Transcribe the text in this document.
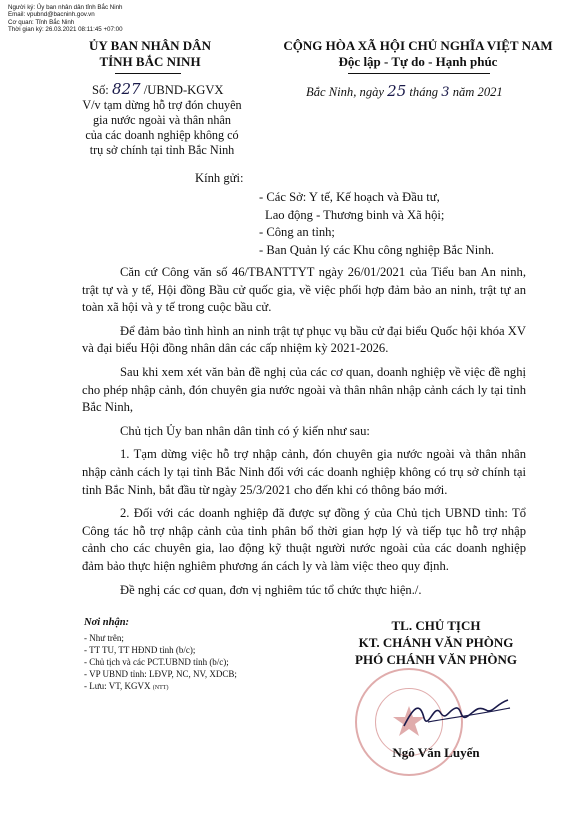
Người ký: Ủy ban nhân dân tỉnh Bắc Ninh
Email: vpubnd@bacninh.gov.vn
Cơ quan: Tỉnh Bắc Ninh
Thời gian ký: 26.03.2021 08:11:45 +07:00
ỦY BAN NHÂN DÂN
TỈNH BẮC NINH
CỘNG HÒA XÃ HỘI CHỦ NGHĨA VIỆT NAM
Độc lập - Tự do - Hạnh phúc
Số: 827 /UBND-KGVX
V/v tạm dừng hỗ trợ đón chuyên
gia nước ngoài và thân nhân
của các doanh nghiệp không có
trụ sở chính tại tỉnh Bắc Ninh
Bắc Ninh, ngày 25 tháng 3 năm 2021
Kính gửi:
- Các Sở: Y tế, Kế hoạch và Đầu tư,
Lao động - Thương binh và Xã hội;
- Công an tỉnh;
- Ban Quản lý các Khu công nghiệp Bắc Ninh.

Căn cứ Công văn số 46/TBANTTYT ngày 26/01/2021 của Tiểu ban An ninh, trật tự và y tế, Hội đồng Bầu cử quốc gia, về việc phối hợp đảm bảo an ninh, trật tự an toàn xã hội và y tế trong cuộc bầu cử.

Để đảm bảo tình hình an ninh trật tự phục vụ bầu cử đại biểu Quốc hội khóa XV và đại biểu Hội đồng nhân dân các cấp nhiệm kỳ 2021-2026.

Sau khi xem xét văn bản đề nghị của các cơ quan, doanh nghiệp về việc đề nghị cho phép nhập cảnh, đón chuyên gia nước ngoài và thân nhân nhập cảnh cách ly tại tỉnh Bắc Ninh,

Chủ tịch Ủy ban nhân dân tỉnh có ý kiến như sau:

1. Tạm dừng việc hỗ trợ nhập cảnh, đón chuyên gia nước ngoài và thân nhân nhập cảnh cách ly tại tỉnh Bắc Ninh đối với các doanh nghiệp không có trụ sở chính tại tỉnh Bắc Ninh, bắt đầu từ ngày 25/3/2021 cho đến khi có thông báo mới.

2. Đối với các doanh nghiệp đã được sự đồng ý của Chủ tịch UBND tỉnh: Tổ Công tác hỗ trợ nhập cảnh của tỉnh phân bổ thời gian hợp lý và tiếp tục hỗ trợ nhập cảnh cho các chuyên gia, lao động kỹ thuật người nước ngoài của các doanh nghiệp đảm bảo thực hiện nghiêm phương án cách ly và làm việc theo quy định.

Đề nghị các cơ quan, đơn vị nghiêm túc tổ chức thực hiện./.

Nơi nhận:
- Như trên;
- TT TU, TT HĐND tỉnh (b/c);
- Chủ tịch và các PCT.UBND tỉnh (b/c);
- VP UBND tỉnh: LĐVP, NC, NV, XDCB;
- Lưu: VT, KGVX (NTT)
TL. CHỦ TỊCH
KT. CHÁNH VĂN PHÒNG
PHÓ CHÁNH VĂN PHÒNG
Ngô Văn Luyến
